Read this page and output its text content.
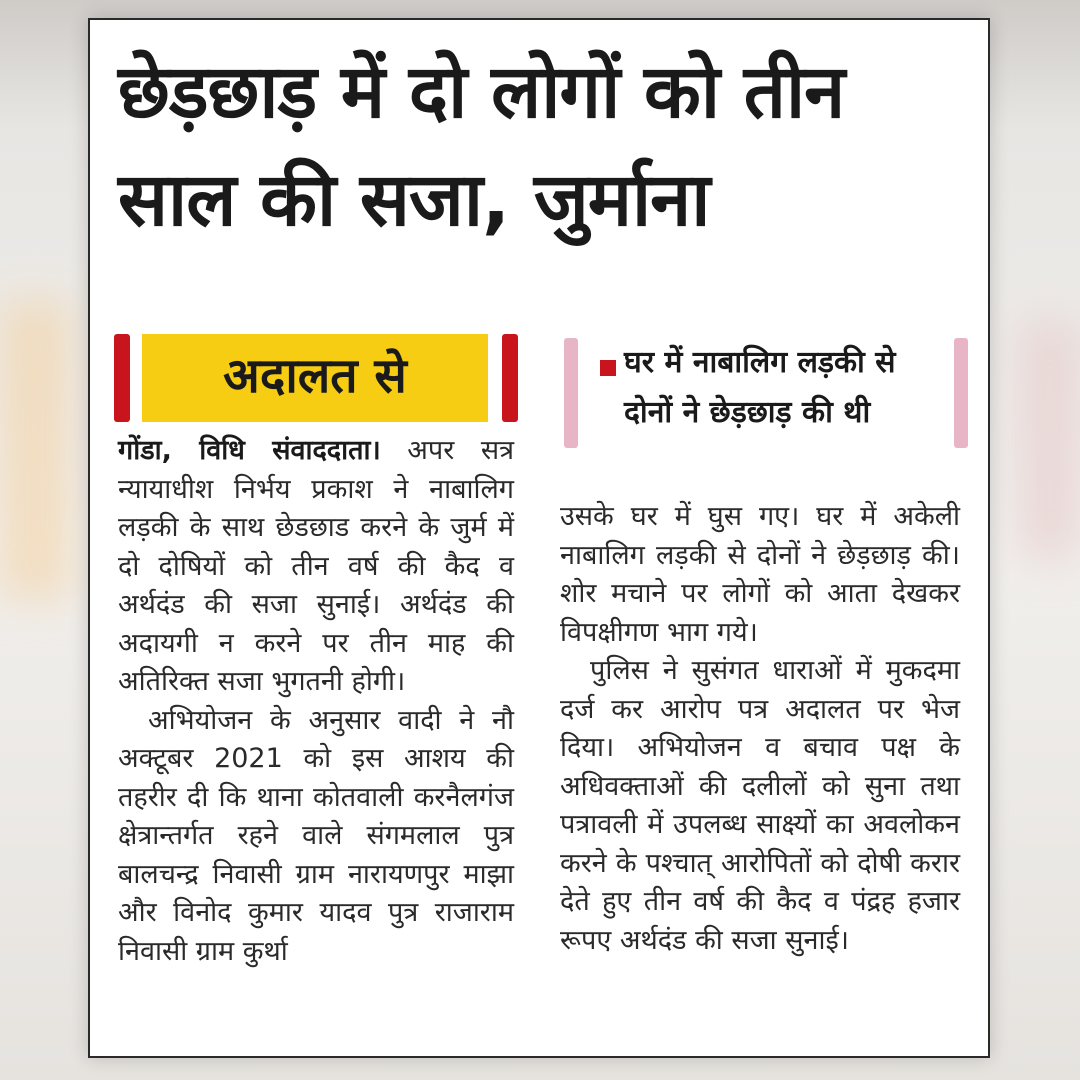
छेड़छाड़ में दो लोगों को तीन साल की सजा, जुर्माना
अदालत से	घर में नाबालिग लड़की से दोनों ने छेड़छाड़ की थी

गोंडा, विधि संवाददाता। अपर सत्र न्यायाधीश निर्भय प्रकाश ने नाबालिग लड़की के साथ छेडछाड करने के जुर्म में दो दोषियों को तीन वर्ष की कैद व अर्थदंड की सजा सुनाई। अर्थदंड की अदायगी न करने पर तीन माह की अतिरिक्त सजा भुगतनी होगी।

अभियोजन के अनुसार वादी ने नौ अक्टूबर 2021 को इस आशय की तहरीर दी कि थाना कोतवाली करनैलगंज क्षेत्रान्तर्गत रहने वाले संगमलाल पुत्र बालचन्द्र निवासी ग्राम नारायणपुर माझा और विनोद कुमार यादव पुत्र राजाराम निवासी ग्राम कुर्था

उसके घर में घुस गए। घर में अकेली नाबालिग लड़की से दोनों ने छेड़छाड़ की। शोर मचाने पर लोगों को आता देखकर विपक्षीगण भाग गये।

पुलिस ने सुसंगत धाराओं में मुकदमा दर्ज कर आरोप पत्र अदालत पर भेज दिया। अभियोजन व बचाव पक्ष के अधिवक्ताओं की दलीलों को सुना तथा पत्रावली में उपलब्ध साक्ष्यों का अवलोकन करने के पश्चात् आरोपितों को दोषी करार देते हुए तीन वर्ष की कैद व पंद्रह हजार रूपए अर्थदंड की सजा सुनाई।
